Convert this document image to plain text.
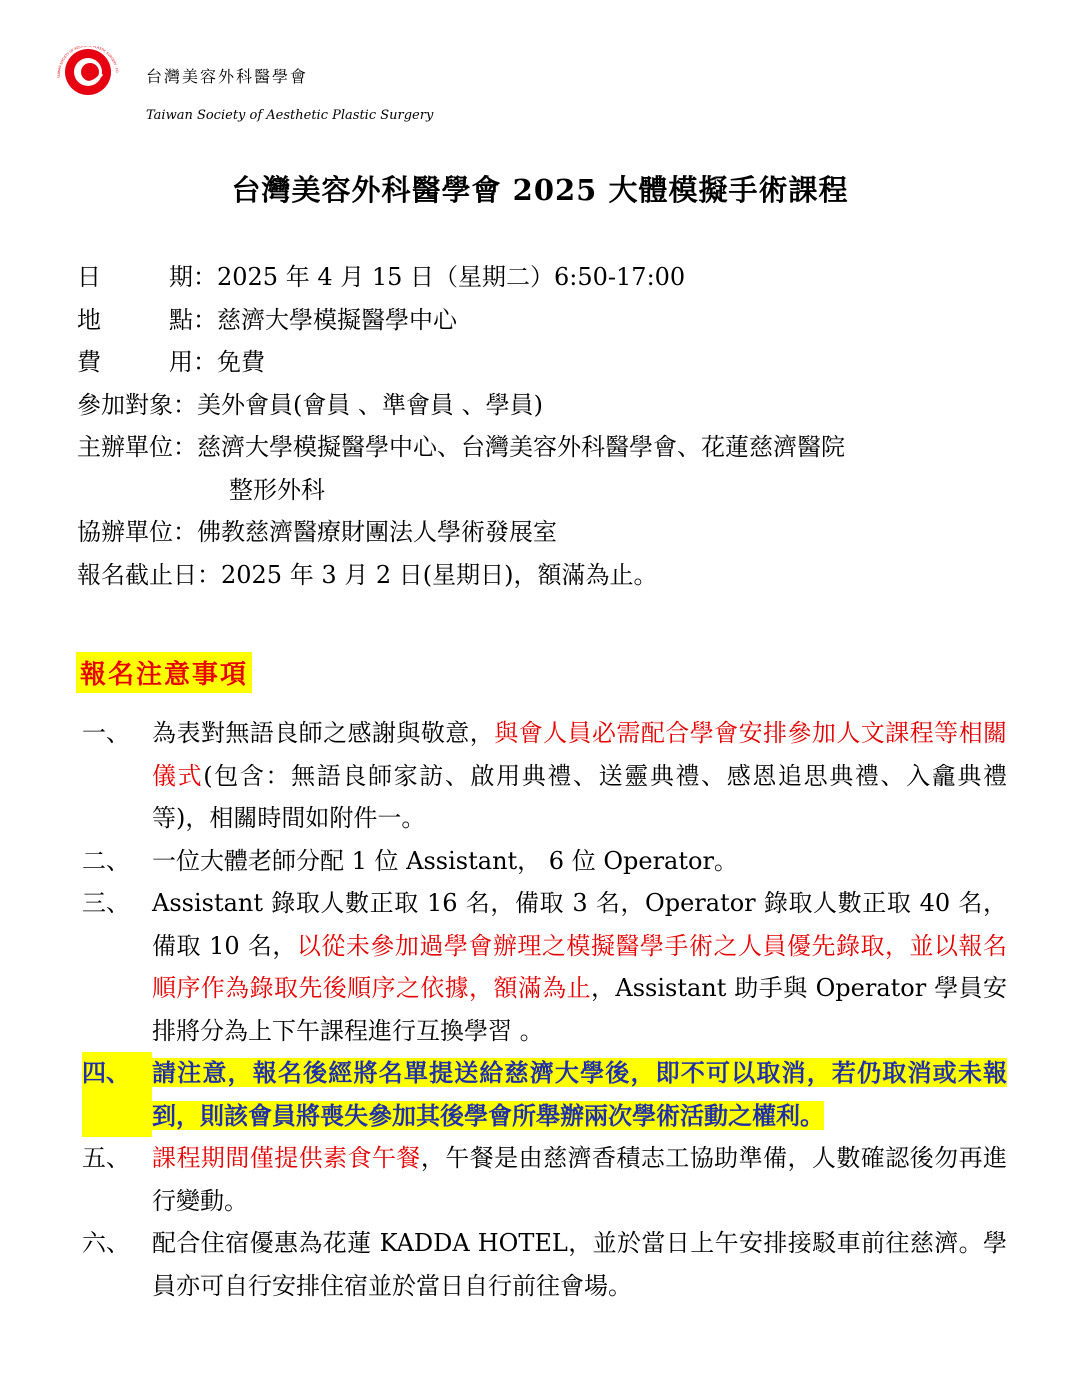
TAIWAN SOCIETY OF AESTH C PLASTIC SURGERY · FO 台灣美容外科醫學會
Taiwan Society of Aesthetic Plastic Surgery
台灣美容外科醫學會 2025 大體模擬手術課程
日	期： 2025 年 4 月 15 日（星期二）6:50-17:00
地	點： 慈濟大學模擬醫學中心
費	用： 免費
參加對象： 美外會員(會員 、準會員 、學員)
主辦單位： 慈濟大學模擬醫學中心、台灣美容外科醫學會、花蓮慈濟醫院
整形外科
協辦單位： 佛教慈濟醫療財團法人學術發展室
報名截止日： 2025 年 3 月 2 日(星期日)，額滿為止。
報名注意事項
一、 為表對無語良師之感謝與敬意，與會人員必需配合學會安排參加人文課程等相關儀式(包含：無語良師家訪、啟用典禮、送靈典禮、感恩追思典禮、入龕典禮等)，相關時間如附件一。
二、 一位大體老師分配 1 位 Assistant， 6 位 Operator。
三、 Assistant 錄取人數正取 16 名，備取 3 名，Operator 錄取人數正取 40 名，備取 10 名，以從未參加過學會辦理之模擬醫學手術之人員優先錄取，並以報名順序作為錄取先後順序之依據，額滿為止，Assistant 助手與 Operator 學員安排將分為上下午課程進行互換學習 。
四、 請注意，報名後經將名單提送給慈濟大學後，即不可以取消，若仍取消或未報到，則該會員將喪失參加其後學會所舉辦兩次學術活動之權利。
五、 課程期間僅提供素食午餐，午餐是由慈濟香積志工協助準備，人數確認後勿再進行變動。
六、 配合住宿優惠為花蓮 KADDA HOTEL，並於當日上午安排接駁車前往慈濟。學員亦可自行安排住宿並於當日自行前往會場。
